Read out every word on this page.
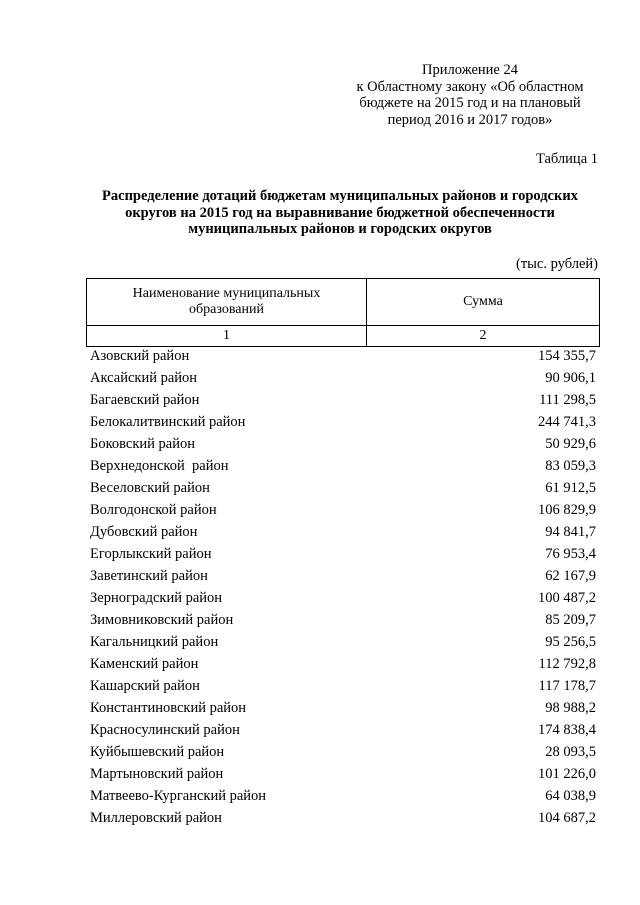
Приложение 24
к Областному закону «Об областном
бюджете на 2015 год и на плановый
период 2016 и 2017 годов»
Таблица 1
Распределение дотаций бюджетам муниципальных районов и городских
округов на 2015 год на выравнивание бюджетной обеспеченности
муниципальных районов и городских округов
(тыс. рублей)
Наименование муниципальных
образований	Сумма
1	2
Азовский район	154 355,7
Аксайский район	90 906,1
Багаевский район	111 298,5
Белокалитвинский район	244 741,3
Боковский район	50 929,6
Верхнедонской  район	83 059,3
Веселовский район	61 912,5
Волгодонской район	106 829,9
Дубовский район	94 841,7
Егорлыкский район	76 953,4
Заветинский район	62 167,9
Зерноградский район	100 487,2
Зимовниковский район	85 209,7
Кагальницкий район	95 256,5
Каменский район	112 792,8
Кашарский район	117 178,7
Константиновский район	98 988,2
Красносулинский район	174 838,4
Куйбышевский район	28 093,5
Мартыновский район	101 226,0
Матвеево-Курганский район	64 038,9
Миллеровский район	104 687,2
